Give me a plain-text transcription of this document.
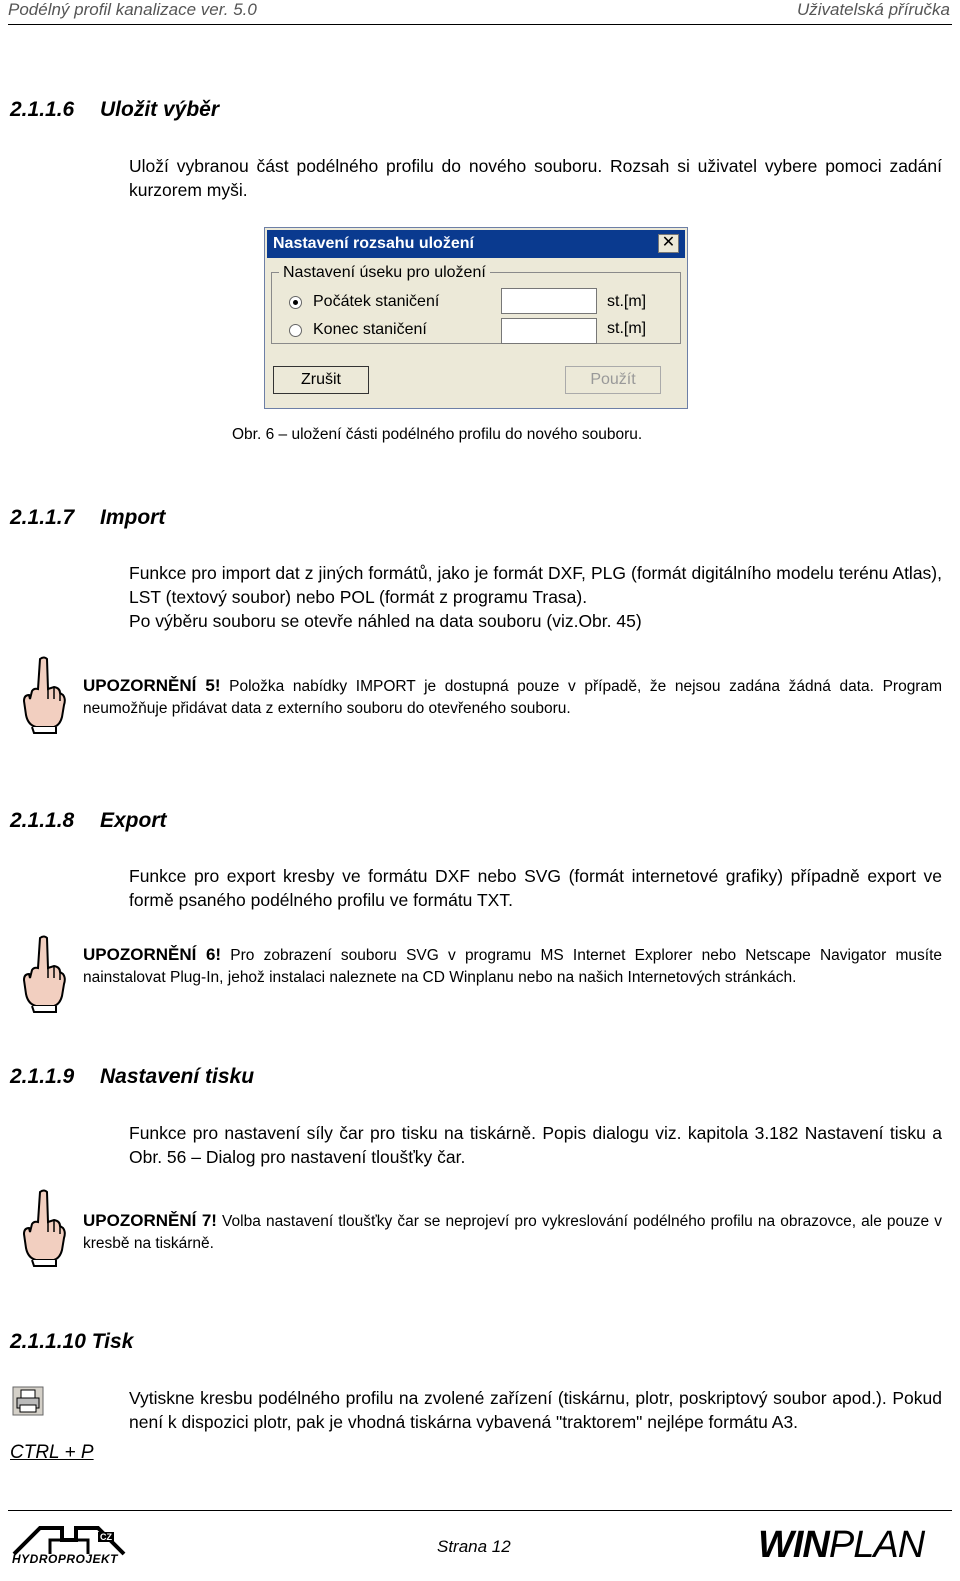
Podélný profil kanalizace ver. 5.0	Uživatelská příručka
2.1.1.6 Uložit výběr
Uloží vybranou část podélného profilu do nového souboru. Rozsah si uživatel vybere pomoci zadání kurzorem myši.
Nastavení rozsahu uložení	✕
Nastavení úseku pro uložení
Počátek staničení	st.[m]
Konec staničení	st.[m]
Zrušit	Použít
Obr. 6 – uložení části podélného profilu do nového souboru.
2.1.1.7 Import
Funkce pro import dat z jiných formátů, jako je formát DXF, PLG (formát digitálního modelu terénu Atlas), LST (textový soubor) nebo POL (formát z programu Trasa).
Po výběru souboru se otevře náhled na data souboru (viz.Obr. 45)
UPOZORNĚNÍ 5! Položka nabídky IMPORT je dostupná pouze v případě, že nejsou zadána žádná data. Program neumožňuje přidávat data z externího souboru do otevřeného souboru.
2.1.1.8 Export
Funkce pro export kresby ve formátu DXF nebo SVG (formát internetové grafiky) případně export ve formě psaného podélného profilu ve formátu TXT.
UPOZORNĚNÍ 6! Pro zobrazení souboru SVG v programu MS Internet Explorer nebo Netscape Navigator musíte nainstalovat Plug-In, jehož instalaci naleznete na CD Winplanu nebo na našich Internetových stránkách.
2.1.1.9 Nastavení tisku
Funkce pro nastavení síly čar pro tisku na tiskárně. Popis dialogu viz. kapitola 3.182 Nastavení tisku a Obr. 56 – Dialog pro nastavení tloušťky čar.
UPOZORNĚNÍ 7! Volba nastavení tloušťky čar se neprojeví pro vykreslování podélného profilu na obrazovce, ale pouze v kresbě na tiskárně.
2.1.1.10 Tisk
CTRL + P
Vytiskne kresbu podélného profilu na zvolené zařízení (tiskárnu, plotr, poskriptový soubor apod.). Pokud není k dispozici plotr, pak je vhodná tiskárna vybavená "traktorem" nejlépe formátu A3.
CZ
HYDROPROJEKT
Strana 12	WINPLAN
